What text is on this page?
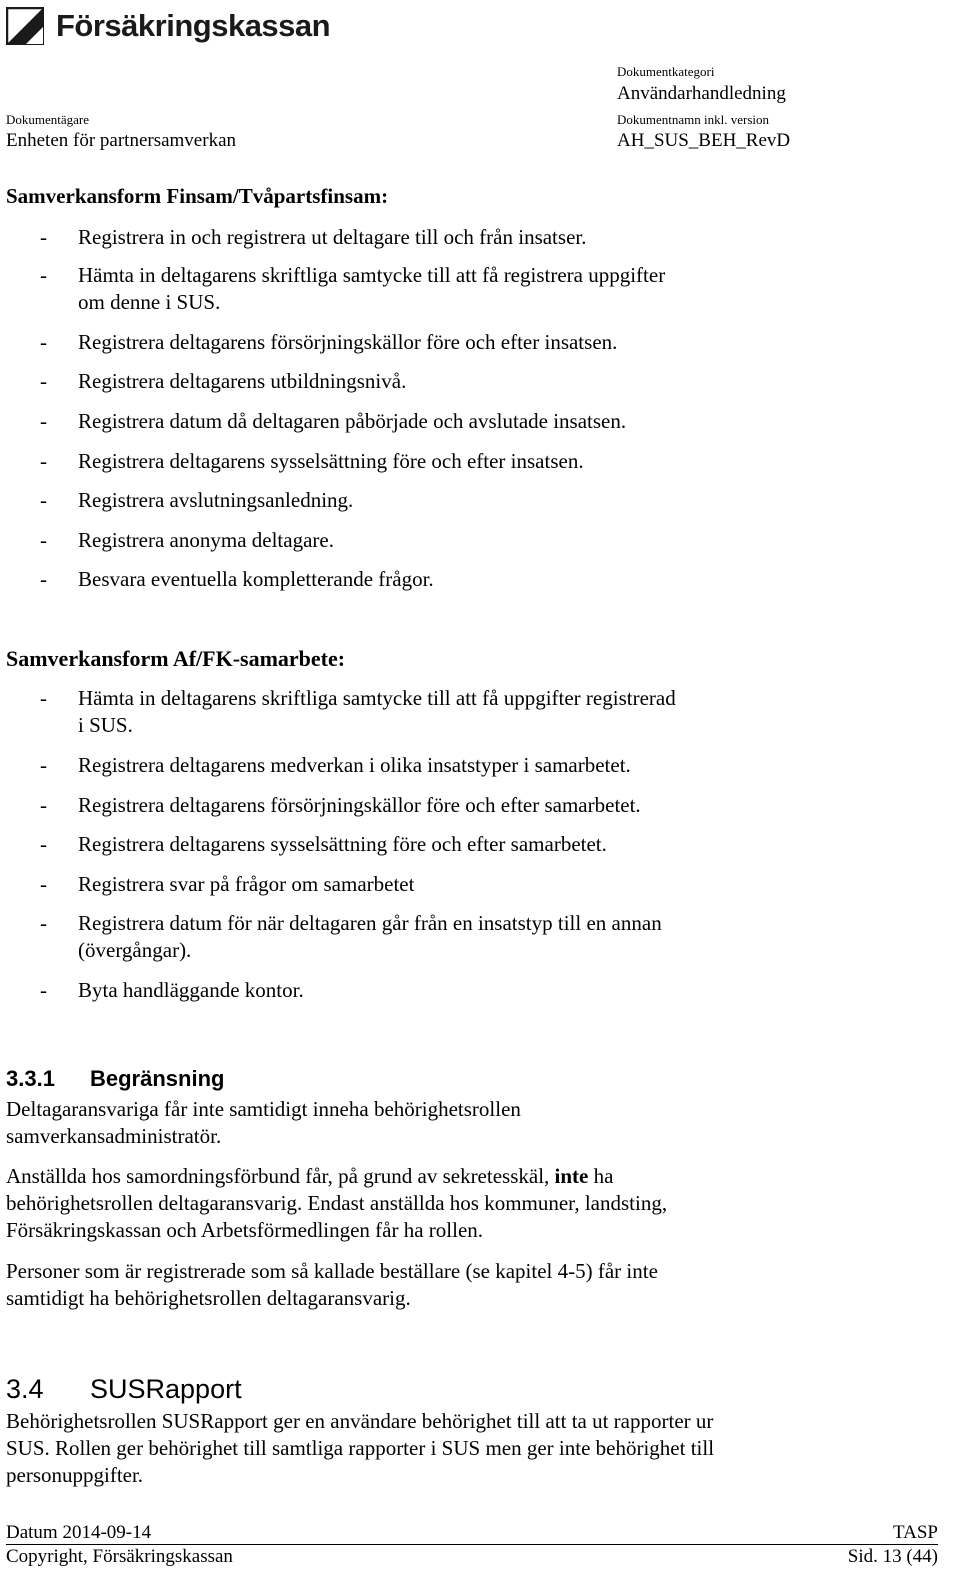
Försäkringskassan
Dokumentkategori
Användarhandledning
Dokumentägare
Enheten för partnersamverkan
Dokumentnamn inkl. version
AH_SUS_BEH_RevD
Samverkansform Finsam/Tvåpartsfinsam:
-	Registrera in och registrera ut deltagare till och från insatser.
-	Hämta in deltagarens skriftliga samtycke till att få registrera uppgifter om denne i SUS.
-	Registrera deltagarens försörjningskällor före och efter insatsen.
-	Registrera deltagarens utbildningsnivå.
-	Registrera datum då deltagaren påbörjade och avslutade insatsen.
-	Registrera deltagarens sysselsättning före och efter insatsen.
-	Registrera avslutningsanledning.
-	Registrera anonyma deltagare.
-	Besvara eventuella kompletterande frågor.
Samverkansform Af/FK-samarbete:
-	Hämta in deltagarens skriftliga samtycke till att få uppgifter registrerad i SUS.
-	Registrera deltagarens medverkan i olika insatstyper i samarbetet.
-	Registrera deltagarens försörjningskällor före och efter samarbetet.
-	Registrera deltagarens sysselsättning före och efter samarbetet.
-	Registrera svar på frågor om samarbetet
-	Registrera datum för när deltagaren går från en insatstyp till en annan (övergångar).
-	Byta handläggande kontor.
3.3.1	Begränsning
Deltagaransvariga får inte samtidigt inneha behörighetsrollen samverkansadministratör.
Anställda hos samordningsförbund får, på grund av sekretesskäl, inte ha behörighetsrollen deltagaransvarig. Endast anställda hos kommuner, landsting, Försäkringskassan och Arbetsförmedlingen får ha rollen.
Personer som är registrerade som så kallade beställare (se kapitel 4-5) får inte samtidigt ha behörighetsrollen deltagaransvarig.
3.4	SUSRapport
Behörighetsrollen SUSRapport ger en användare behörighet till att ta ut rapporter ur SUS. Rollen ger behörighet till samtliga rapporter i SUS men ger inte behörighet till personuppgifter.
Datum 2014-09-14	TASP
Copyright, Försäkringskassan	Sid. 13 (44)
